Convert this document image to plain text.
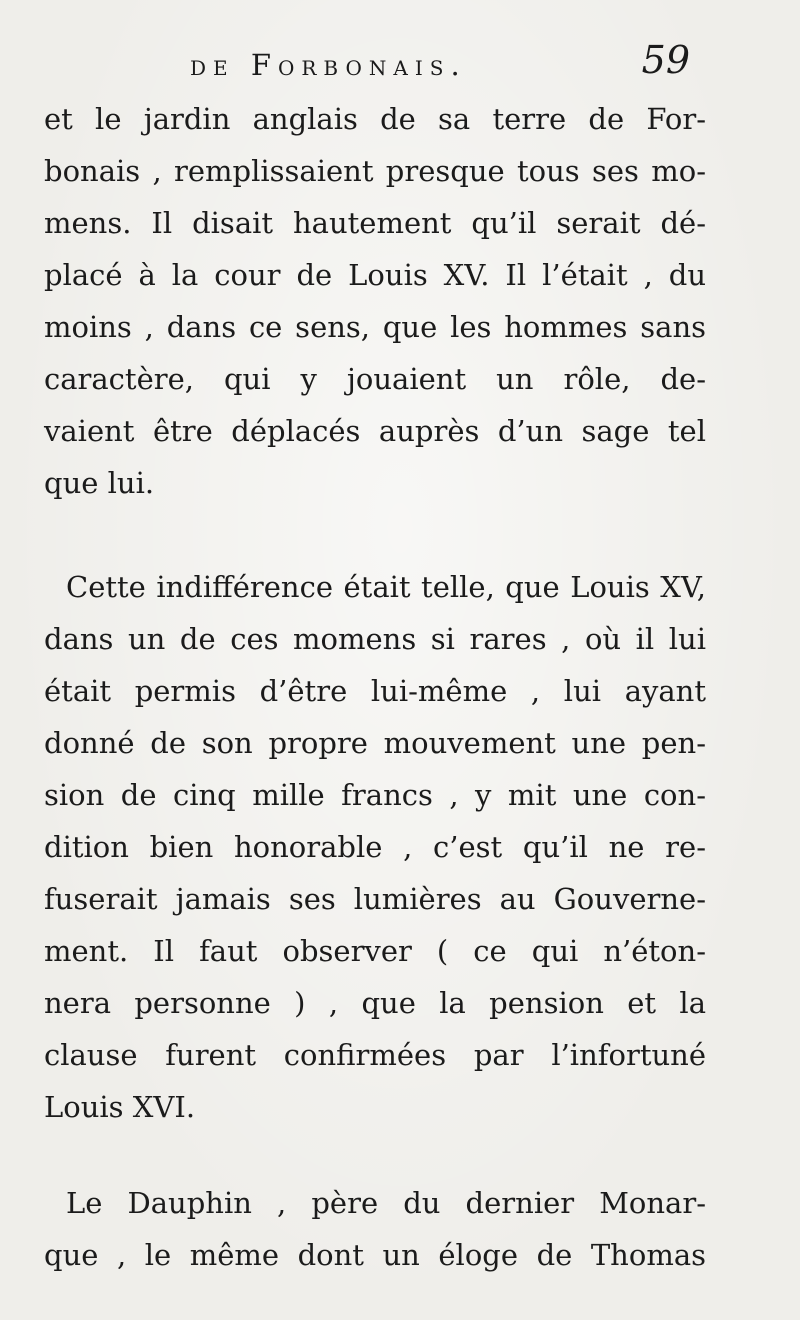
de Forbonais.	59
et le jardin anglais de sa terre de For-
bonais , remplissaient presque tous ses mo-
mens. Il disait hautement qu’il serait dé-
placé à la cour de Louis XV. Il l’était , du
moins , dans ce sens, que les hommes sans
caractère, qui y jouaient un rôle, de-
vaient être déplacés auprès d’un sage tel
que lui.
Cette indifférence était telle, que Louis XV,
dans un de ces momens si rares , où il lui
était permis d’être lui-même , lui ayant
donné de son propre mouvement une pen-
sion de cinq mille francs , y mit une con-
dition bien honorable , c’est qu’il ne re-
fuserait jamais ses lumières au Gouverne-
ment. Il faut observer ( ce qui n’éton-
nera personne ) , que la pension et la
clause furent confirmées par l’infortuné
Louis XVI.
Le Dauphin , père du dernier Monar-
que , le même dont un éloge de Thomas
